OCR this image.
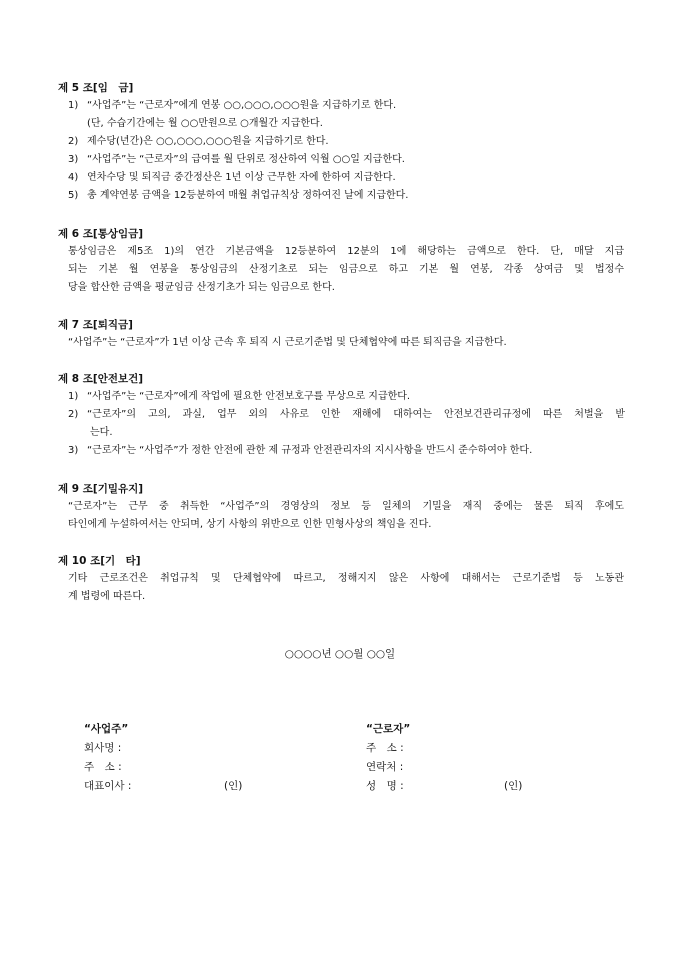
제 5 조[임　금]
1) “사업주”는 “근로자”에게 연봉 ○○,○○○,○○○원을 지급하기로 한다.
(단, 수습기간에는 월 ○○만원으로 ○개월간 지급한다.
2) 제수당(년간)은 ○○,○○○,○○○원을 지급하기로 한다.
3) “사업주”는 “근로자”의 급여를 월 단위로 정산하여 익월 ○○일 지급한다.
4) 연차수당 및 퇴직금 중간정산은 1년 이상 근무한 자에 한하여 지급한다.
5) 총 계약연봉 금액을 12등분하여 매월 취업규칙상 정하여진 날에 지급한다.
제 6 조[통상임금]
통상임금은 제5조 1)의 연간 기본금액을 12등분하여 12분의 1에 해당하는 금액으로 한다. 단, 매달 지급
되는 기본 월 연봉을 통상임금의 산정기초로 되는 임금으로 하고 기본 월 연봉, 각종 상여금 및 법정수
당을 합산한 금액을 평균임금 산정기초가 되는 임금으로 한다.
제 7 조[퇴직금]
“사업주”는 “근로자”가 1년 이상 근속 후 퇴직 시 근로기준법 및 단체협약에 따른 퇴직금을 지급한다.
제 8 조[안전보건]
1) “사업주”는 “근로자”에게 작업에 필요한 안전보호구를 무상으로 지급한다.
2) “근로자”의 고의, 과실, 업무 외의 사유로 인한 재해에 대하여는 안전보건관리규정에 따른 처벌을 받
는다.
3) “근로자”는 “사업주”가 정한 안전에 관한 제 규정과 안전관리자의 지시사항을 반드시 준수하여야 한다.
제 9 조[기밀유지]
“근로자”는 근무 중 취득한 “사업주”의 경영상의 정보 등 일체의 기밀을 재직 중에는 물론 퇴직 후에도
타인에게 누설하여서는 안되며, 상기 사항의 위반으로 인한 민형사상의 책임을 진다.
제 10 조[기　타]
기타 근로조건은 취업규칙 및 단체협약에 따르고, 정해지지 않은 사항에 대해서는 근로기준법 등 노동관
계 법령에 따른다.
○○○○년 ○○월 ○○일
“사업주”
회사명 :
주　소 :
대표이사 :	(인)
“근로자”
주　소 :
연락처 :
성　명 :	(인)
